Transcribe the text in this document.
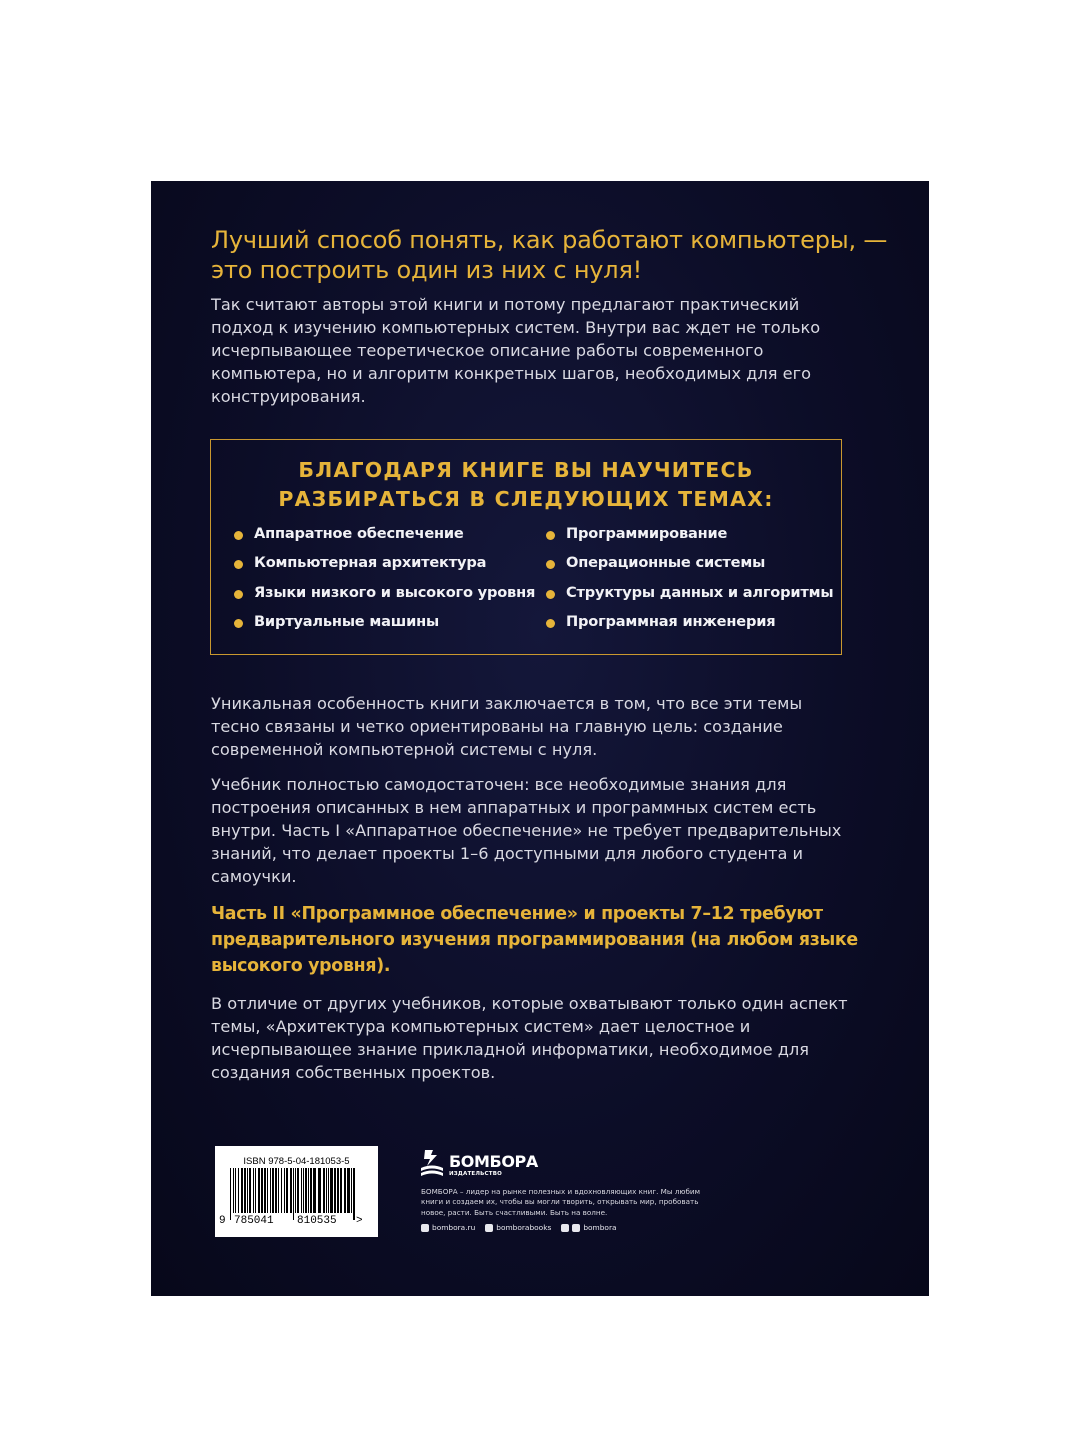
Лучший способ понять, как работают компьютеры, — это построить один из них с нуля!

Так считают авторы этой книги и потому предлагают практический подход к изучению компьютерных систем. Внутри вас ждет не только исчерпывающее теоретическое описание работы современного компьютера, но и алгоритм конкретных шагов, необходимых для его конструирования.

БЛАГОДАРЯ КНИГЕ ВЫ НАУЧИТЕСЬ
РАЗБИРАТЬСЯ В СЛЕДУЮЩИХ ТЕМАХ:
Аппаратное обеспечение
Компьютерная архитектура
Языки низкого и высокого уровня
Виртуальные машины
Программирование
Операционные системы
Структуры данных и алгоритмы
Программная инженерия

Уникальная особенность книги заключается в том, что все эти темы тесно связаны и четко ориентированы на главную цель: создание современной компьютерной системы с нуля.

Учебник полностью самодостаточен: все необходимые знания для построения описанных в нем аппаратных и программных систем есть внутри. Часть I «Аппаратное обеспечение» не требует предварительных знаний, что делает проекты 1–6 доступными для любого студента и самоучки.

Часть II «Программное обеспечение» и проекты 7–12 требуют предварительного изучения программирования (на любом языке высокого уровня).

В отличие от других учебников, которые охватывают только один аспект темы, «Архитектура компьютерных систем» дает целостное и исчерпывающее знание прикладной информатики, необходимое для создания собственных проектов.

ISBN 978-5-04-181053-5
9 785041 810535 >
БОМБОРА
ИЗДАТЕЛЬСТВО

БОМБОРА – лидер на рынке полезных и вдохновляющих книг. Мы любим книги и создаем их, чтобы вы могли творить, открывать мир, пробовать новое, расти. Быть счастливыми. Быть на волне.

bombora.ru	bomborabooks	bombora
